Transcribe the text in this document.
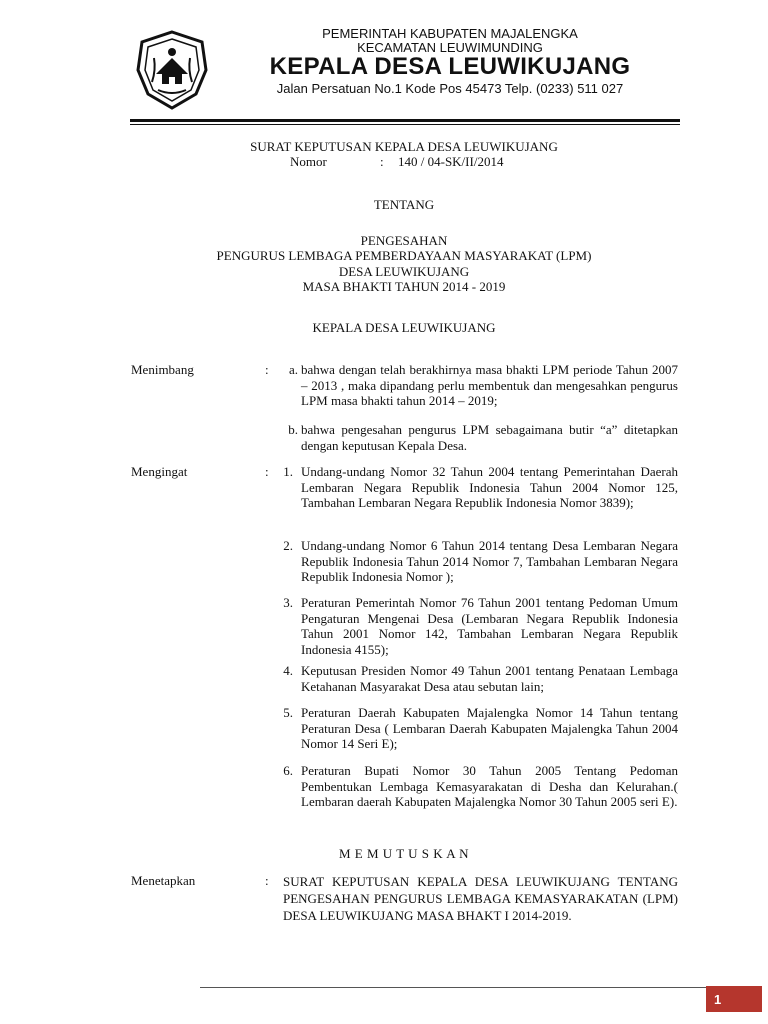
PEMERINTAH KABUPATEN MAJALENGKA
KECAMATAN LEUWIMUNDING
KEPALA DESA LEUWIKUJANG
Jalan Persatuan No.1 Kode Pos 45473 Telp. (0233) 511 027
SURAT KEPUTUSAN KEPALA DESA LEUWIKUJANG
Nomor	: 140 / 04-SK/II/2014
TENTANG
PENGESAHAN
PENGURUS LEMBAGA PEMBERDAYAAN MASYARAKAT (LPM)
DESA LEUWIKUJANG
MASA BHAKTI TAHUN 2014 - 2019
KEPALA DESA LEUWIKUJANG
Menimbang	:	a. bahwa dengan telah berakhirnya masa bhakti LPM periode Tahun 2007 – 2013 , maka dipandang perlu membentuk dan mengesahkan pengurus LPM masa bhakti tahun 2014 – 2019;
b. bahwa pengesahan pengurus LPM sebagaimana butir “a” ditetapkan dengan keputusan Kepala Desa.
Mengingat	:	1. Undang-undang Nomor 32 Tahun 2004 tentang Pemerintahan Daerah Lembaran Negara Republik Indonesia Tahun 2004 Nomor 125, Tambahan Lembaran Negara Republik Indonesia Nomor 3839);
2. Undang-undang Nomor 6 Tahun 2014 tentang Desa Lembaran Negara Republik Indonesia Tahun 2014 Nomor 7, Tambahan Lembaran Negara Republik Indonesia Nomor );
3. Peraturan Pemerintah Nomor 76 Tahun 2001 tentang Pedoman Umum Pengaturan Mengenai Desa (Lembaran Negara Republik Indonesia Tahun 2001 Nomor 142, Tambahan Lembaran Negara Republik Indonesia 4155);
4. Keputusan Presiden Nomor 49 Tahun 2001 tentang Penataan Lembaga Ketahanan Masyarakat Desa atau sebutan lain;
5. Peraturan Daerah Kabupaten Majalengka Nomor 14 Tahun tentang Peraturan Desa ( Lembaran Daerah Kabupaten Majalengka Tahun 2004 Nomor 14 Seri E);
6. Peraturan Bupati Nomor 30 Tahun 2005 Tentang Pedoman Pembentukan Lembaga Kemasyarakatan di Desha dan Kelurahan.( Lembaran daerah Kabupaten Majalengka Nomor 30 Tahun 2005 seri E).
M E M U T U S K A N
Menetapkan	: SURAT KEPUTUSAN KEPALA DESA LEUWIKUJANG TENTANG PENGESAHAN PENGURUS LEMBAGA KEMASYARAKATAN (LPM) DESA LEUWIKUJANG MASA BHAKT I 2014-2019.
1
